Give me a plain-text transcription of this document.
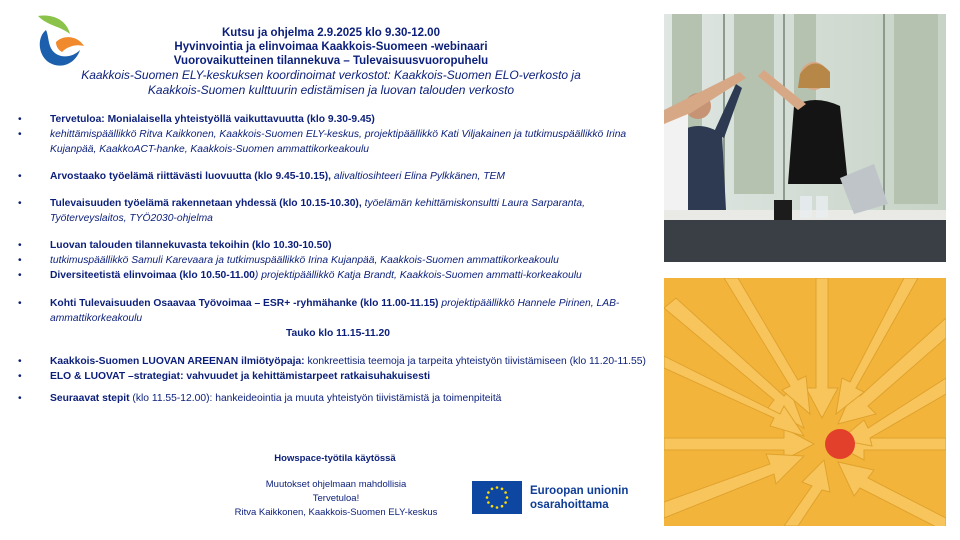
Kutsu ja ohjelma 2.9.2025 klo 9.30-12.00
Hyvinvointia ja elinvoimaa Kaakkois-Suomeen -webinaari
Vuorovaikutteinen tilannekuva – Tulevaisuusvuoropuhelu
Kaakkois-Suomen ELY-keskuksen koordinoimat verkostot: Kaakkois-Suomen ELO-verkosto ja
Kaakkois-Suomen kulttuurin edistämisen ja luovan talouden verkosto
•	Tervetuloa: Monialaisella yhteistyöllä vaikuttavuutta (klo 9.30-9.45)
•	kehittämispäällikkö Ritva Kaikkonen, Kaakkois-Suomen ELY-keskus, projektipäällikkö Kati Viljakainen ja tutkimuspäällikkö Irina Kujanpää, KaakkoACT-hanke, Kaakkois-Suomen ammattikorkeakoulu
•	Arvostaako työelämä riittävästi luovuutta (klo 9.45-10.15), alivaltiosihteeri Elina Pylkkänen, TEM
•	Tulevaisuuden työelämä rakennetaan yhdessä (klo 10.15-10.30), työelämän kehittämiskonsultti Laura Sarparanta, Työterveyslaitos, TYÖ2030-ohjelma
•	Luovan talouden tilannekuvasta tekoihin (klo 10.30-10.50)
•	tutkimuspäällikkö Samuli Karevaara ja tutkimuspäällikkö Irina Kujanpää, Kaakkois-Suomen ammattikorkeakoulu
•	Diversiteetistä elinvoimaa (klo 10.50-11.00) projektipäällikkö Katja Brandt, Kaakkois-Suomen ammatti-korkeakoulu
•	Kohti Tulevaisuuden Osaavaa Työvoimaa – ESR+ -ryhmähanke (klo 11.00-11.15) projektipäällikkö Hannele Pirinen, LAB-ammattikorkeakoulu
Tauko klo 11.15-11.20
•	Kaakkois-Suomen LUOVAN AREENAN ilmiötyöpaja: konkreettisia teemoja ja tarpeita yhteistyön tiivistämiseen (klo 11.20-11.55)
•	ELO & LUOVAT –strategiat: vahvuudet ja kehittämistarpeet ratkaisuhakuisesti
•	Seuraavat stepit (klo 11.55-12.00): hankeideointia ja muuta yhteistyön tiivistämistä ja toimenpiteitä
Howspace-työtila käytössä
Muutokset ohjelmaan mahdollisia
Tervetuloa!
Ritva Kaikkonen, Kaakkois-Suomen ELY-keskus
Euroopan unionin
osarahoittama
